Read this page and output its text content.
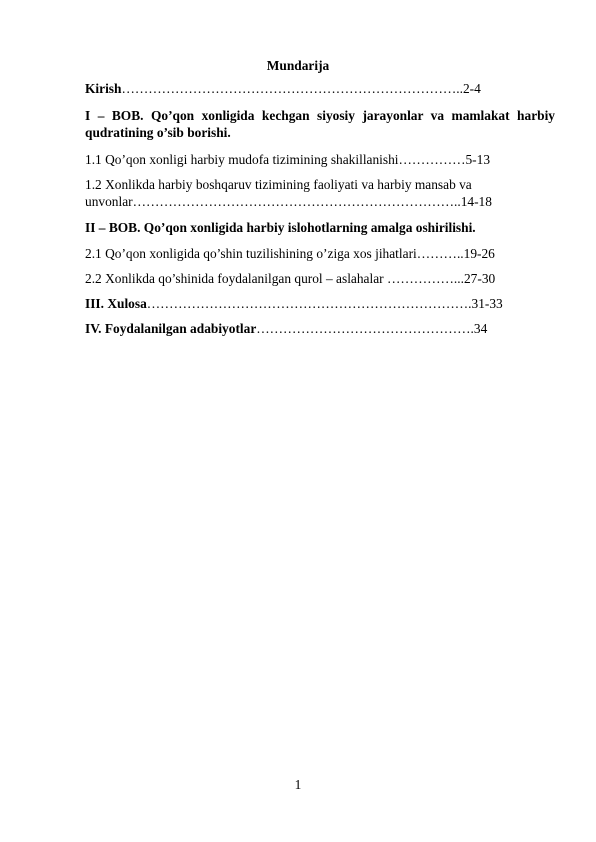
Mundarija
Kirish…………………………………………………………………..2-4
I – BOB. Qo’qon xonligida kechgan siyosiy jarayonlar va mamlakat harbiy qudratining o’sib borishi.
1.1 Qo’qon xonligi harbiy mudofa tizimining shakillanishi……………5-13
1.2 Xonlikda harbiy boshqaruv tizimining faoliyati va harbiy mansab va
unvonlar………………………………………………………………..14-18
II – BOB. Qo’qon xonligida harbiy islohotlarning amalga oshirilishi.
2.1 Qo’qon xonligida qo’shin tuzilishining o’ziga xos jihatlari………..19-26
2.2 Xonlikda qo’shinida foydalanilgan qurol – aslahalar ……………...27-30
III. Xulosa……………………………………………………………….31-33
IV. Foydalanilgan adabiyotlar………………………………………….34
1
